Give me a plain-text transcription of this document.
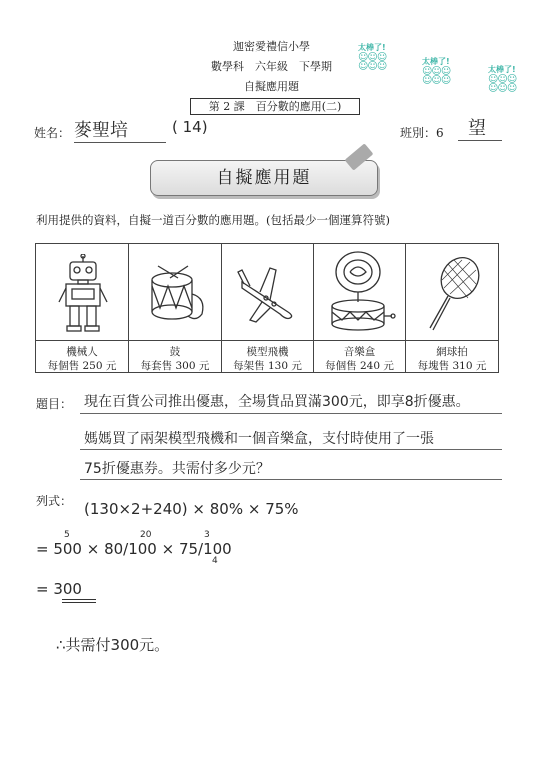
迦密愛禮信小學
數學科　六年級　下學期
自擬應用題
第 2 課　百分數的應用(二)
太棒了!
☺☺☺
☺☺☺	太棒了!
☺☺☺
☺☺☺
太棒了!
☺☺☺
☺☺☺
姓名： 麥聖培	( 14)	班別：6	望
自擬應用題
利用提供的資料，自擬一道百分數的應用題。(包括最少一個運算符號)
機械人
每個售 250 元
鼓
每套售 300 元
模型飛機
每架售 130 元
音樂盒
每個售 240 元
網球拍
每塊售 310 元
題目： 現在百貨公司推出優惠，全場貨品買滿300元，即享8折優惠。
媽媽買了兩架模型飛機和一個音樂盒，支付時使用了一張
75折優惠券。共需付多少元？
列式： (130×2+240) × 80% × 75%
= 500 × 80/100 × 75/100
5	20	3
4
= 300
∴共需付300元。
